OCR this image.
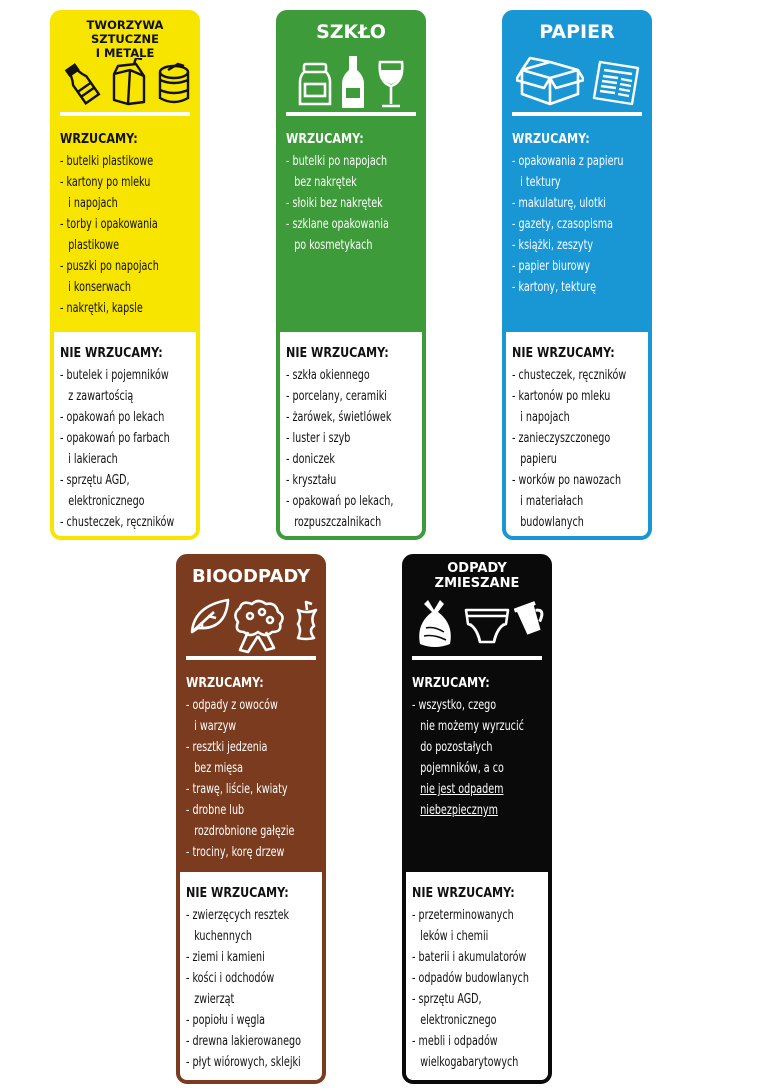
TWORZYWA SZTUCZNE
I METALE
WRZUCAMY:
- butelki plastikowe
- kartony po mleku
i napojach
- torby i opakowania
plastikowe
- puszki po napojach
i konserwach
- nakrętki, kapsle
NIE WRZUCAMY:
- butelek i pojemników
z zawartością
- opakowań po lekach
- opakowań po farbach
i lakierach
- sprzętu AGD,
elektronicznego
- chusteczek, ręczników
SZKŁO
WRZUCAMY:
- butelki po napojach
bez nakrętek
- słoiki bez nakrętek
- szklane opakowania
po kosmetykach
NIE WRZUCAMY:
- szkła okiennego
- porcelany, ceramiki
- żarówek, świetlówek
- luster i szyb
- doniczek
- kryształu
- opakowań po lekach,
rozpuszczalnikach
PAPIER
WRZUCAMY:
- opakowania z papieru
i tektury
- makulaturę, ulotki
- gazety, czasopisma
- książki, zeszyty
- papier biurowy
- kartony, tekturę
NIE WRZUCAMY:
- chusteczek, ręczników
- kartonów po mleku
i napojach
- zanieczyszczonego
papieru
- worków po nawozach
i materiałach
budowlanych
BIOODPADY
WRZUCAMY:
- odpady z owoców
i warzyw
- resztki jedzenia
bez mięsa
- trawę, liście, kwiaty
- drobne lub
rozdrobnione gałęzie
- trociny, korę drzew
NIE WRZUCAMY:
- zwierzęcych resztek
kuchennych
- ziemi i kamieni
- kości i odchodów
zwierząt
- popiołu i węgla
- drewna lakierowanego
- płyt wiórowych, sklejki
ODPADY
ZMIESZANE
WRZUCAMY:
- wszystko, czego
nie możemy wyrzucić
do pozostałych
pojemników, a co
nie jest odpadem
niebezpiecznym
NIE WRZUCAMY:
- przeterminowanych
leków i chemii
- baterii i akumulatorów
- odpadów budowlanych
- sprzętu AGD,
elektronicznego
- mebli i odpadów
wielkogabarytowych
